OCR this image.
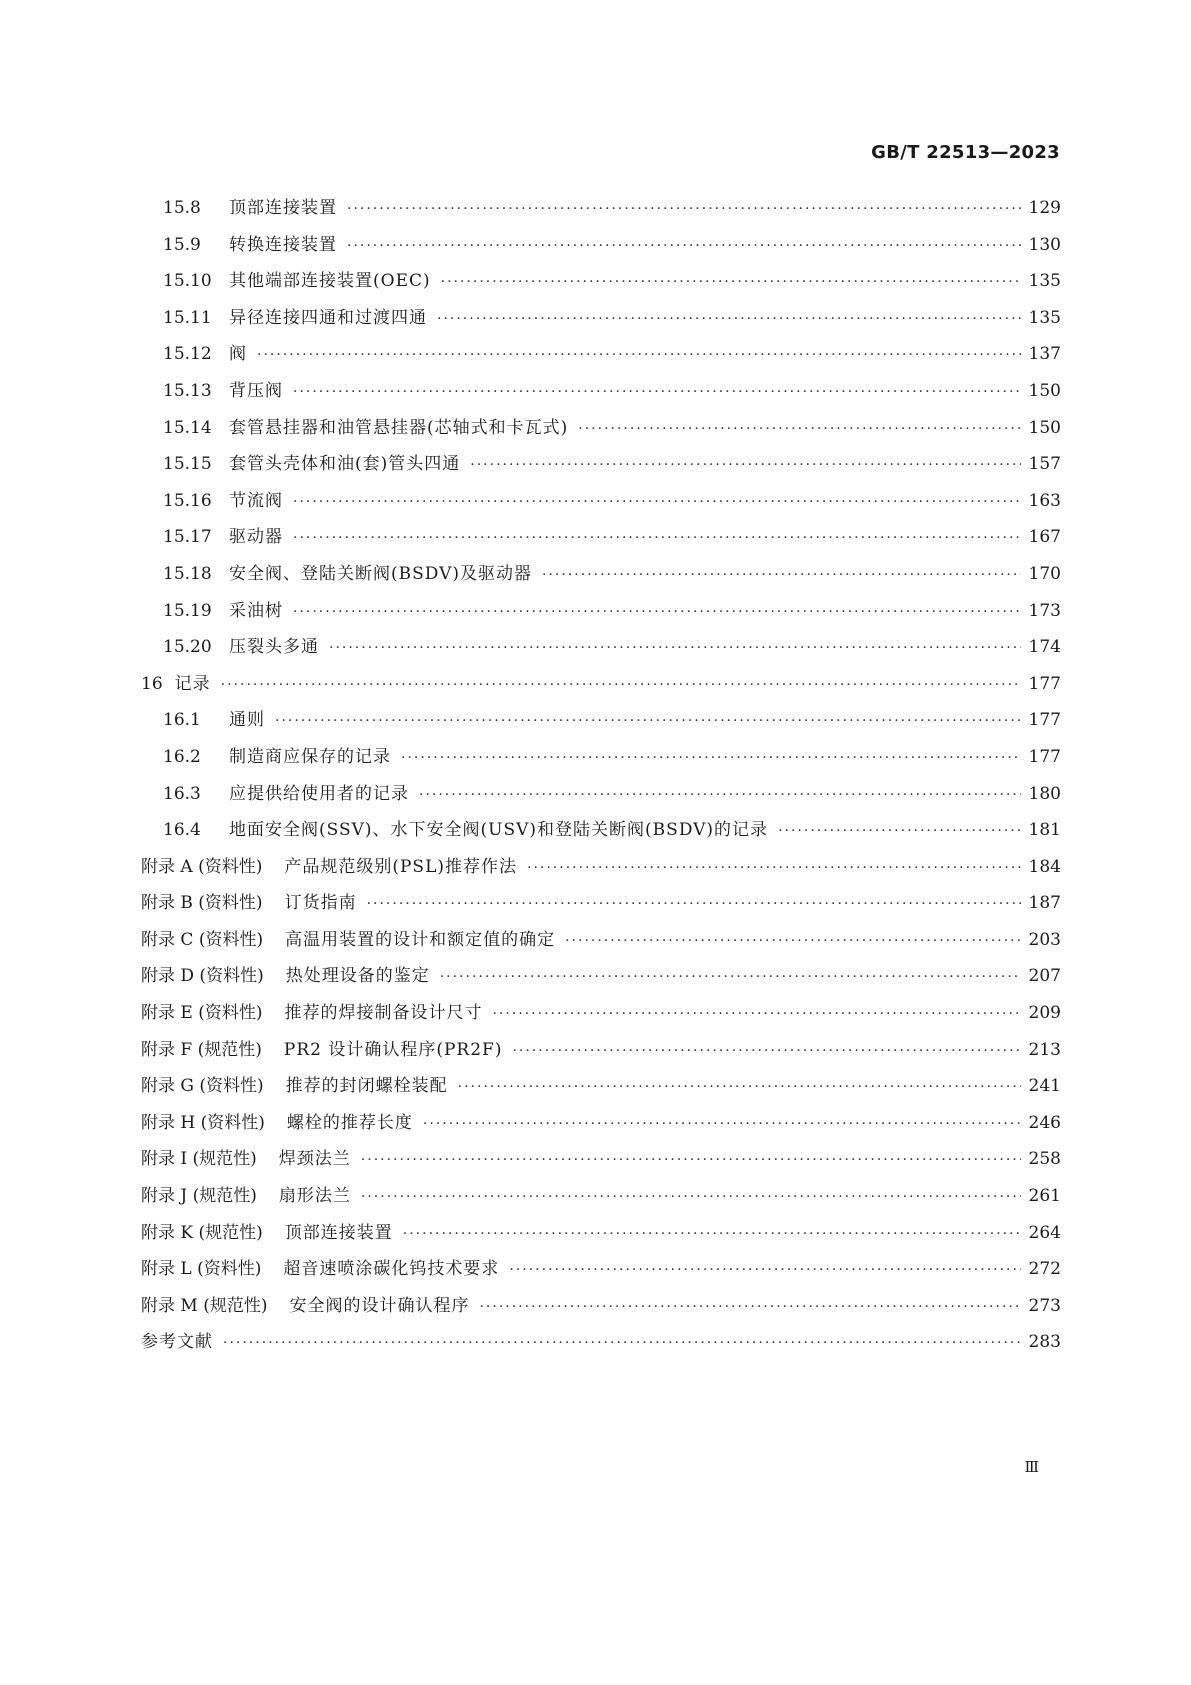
GB/T 22513—2023
15.8	顶部连接装置 ·····	129
15.9	转换连接装置 ·····	130
15.10	其他端部连接装置(OEC) ·····	135
15.11	异径连接四通和过渡四通 ·····	135
15.12	阀 ·····	137
15.13	背压阀 ·····	150
15.14	套管悬挂器和油管悬挂器(芯轴式和卡瓦式) ·····	150
15.15	套管头壳体和油(套)管头四通 ·····	157
15.16	节流阀 ·····	163
15.17	驱动器 ·····	167
15.18	安全阀、登陆关断阀(BSDV)及驱动器 ·····	170
15.19	采油树 ·····	173
15.20	压裂头多通 ·····	174
16 记录 ·····	177
16.1	通则 ·····	177
16.2	制造商应保存的记录 ·····	177
16.3	应提供给使用者的记录 ·····	180
16.4	地面安全阀(SSV)、水下安全阀(USV)和登陆关断阀(BSDV)的记录 ·····	181
附录 A (资料性) 产品规范级别(PSL)推荐作法 ·····	184
附录 B (资料性) 订货指南 ·····	187
附录 C (资料性) 高温用装置的设计和额定值的确定 ·····	203
附录 D (资料性) 热处理设备的鉴定 ·····	207
附录 E (资料性) 推荐的焊接制备设计尺寸 ·····	209
附录 F (规范性) PR2 设计确认程序(PR2F) ·····	213
附录 G (资料性) 推荐的封闭螺栓装配 ·····	241
附录 H (资料性) 螺栓的推荐长度 ·····	246
附录 I (规范性) 焊颈法兰 ·····	258
附录 J (规范性) 扇形法兰 ·····	261
附录 K (规范性) 顶部连接装置 ·····	264
附录 L (资料性) 超音速喷涂碳化钨技术要求 ·····	272
附录 M (规范性) 安全阀的设计确认程序 ·····	273
参考文献 ·····	283
Ⅲ
